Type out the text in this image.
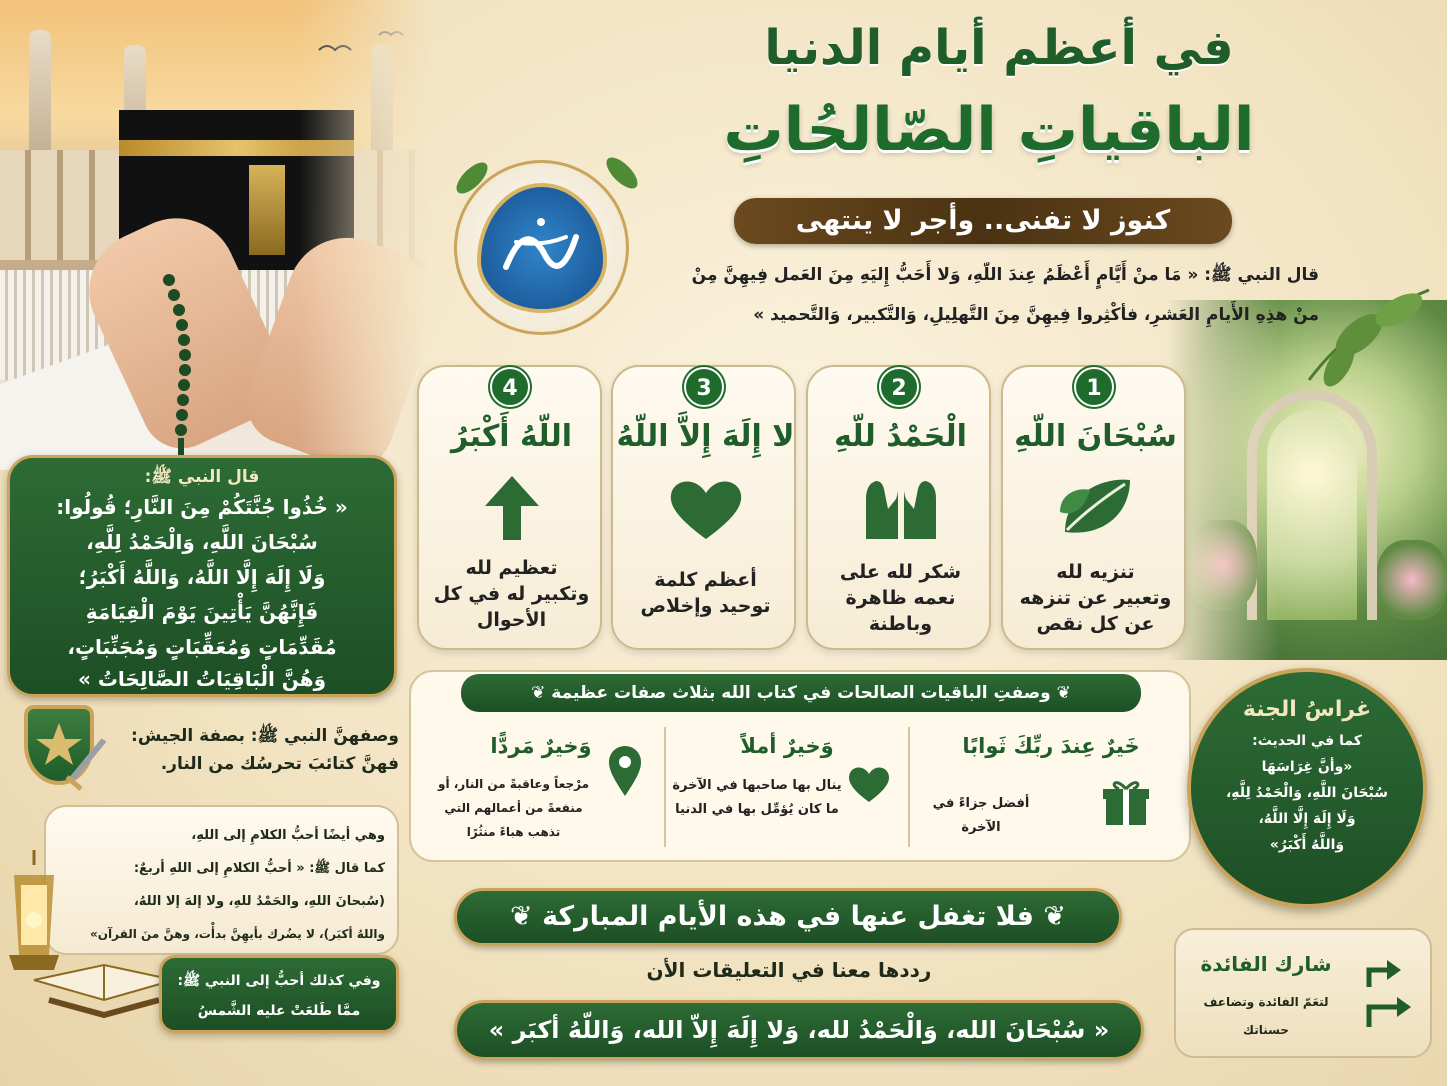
في أعظم أيام الدنيا
الباقياتِ الصّالحُاتِ
كنوز لا تفنى.. وأجر لا ينتهى
قال النبي ﷺ: « مَا منْ أَيَّامٍ أَعْظَمُ عِندَ اللّهِ، وَلا أَحَبُّ إِليَهِ مِنَ العَمل فِيهِنَّ مِنْ
منْ هذِهِ الأَيامِ العَشرِ، فأكْثِروا فِيهِنَّ مِنَ التَّهلِيلِ، وَالتَّكبير، وَالتَّحميد »
1
سُبْحَانَ اللّهِ
تنزيه لله
وتعبير عن تنزهه
عن كل نقص
2
الْحَمْدُ للّهِ
شكر لله على
نعمه ظاهرة
وباطنة
3
لا إِلَهَ إِلاَّ اللّهُ
أعظم كلمة
توحيد وإخلاص
4
اللّهُ أَكْبَرُ
تعظيم لله
وتكبير له في كل
الأحوال
قال النبي ﷺ:
« خُذُوا جُنَّتَكُمْ مِنَ النَّارِ؛ قُولُوا:
سُبْحَانَ اللَّهِ، وَالْحَمْدُ لِلَّهِ،
وَلَا إِلَهَ إِلَّا اللَّهُ، وَاللَّهُ أَكْبَرُ؛
فَإِنَّهُنَّ يَأْتِينَ يَوْمَ الْقِيَامَةِ
مُقَدِّمَاتٍ وَمُعَقِّبَاتٍ وَمُجَنِّبَاتٍ،
وَهُنَّ الْبَاقِيَاتُ الصَّالِحَاتُ »
وصفهنَّ النبي ﷺ: بصفة الجيش:
فهنَّ كتائبَ تحرسُك من النار.
وهي أيضًا أحبُّ الكلامِ إلى اللهِ،
كما قال ﷺ: « أحبُّ الكلامِ إلى اللهِ أربعٌ:
(سُبحانَ اللهِ، والحَمْدُ للهِ، ولا إلهَ إلا اللهُ،
واللهُ أكبَر)، لا يضُرك بأيهِنَّ بدأْت، وهنَّ منَ القرآن»
وفي كذلك أحبُّ إلى النبي ﷺ:
ممَّا طَلعَتْ عليه الشَّمسُ
❦ وصفتِ الباقيات الصالحات في كتاب الله بثلاث صفات عظيمة ❦
خَيرٌ عِندَ ربِّكَ ثَوابًا
أفضل جزاءً في الآخرة
وَخيرٌ أملاً
ينال بها صاحبها في الآخرة
ما كان يُؤمِّل بها في الدنيا
وَخيرٌ مَردًّا
مرْجعاً وعاقبةً من النار، أو
منفعةً من أعمالهم التي
تذهب هباءً منثُرًا
غراسُ الجنة
كما في الحديث:
«وأنَّ غِرَاسَهَا
سُبْحَانَ اللَّهِ، وَالْحَمْدُ لِلَّهِ،
وَلَا إِلَهَ إِلَّا اللَّهُ،
وَاللَّهُ أَكْبَرُ»
❦ فلا تغفل عنها في هذه الأيام المباركة ❦
رددها معنا في التعليقات الأن
« سُبْحَانَ الله، وَالْحَمْدُ لله، وَلا إِلَهَ إِلاّ الله، وَاللّهُ أكبَر »
شارك الفائدة
لتعَمّ الفائدة وتضاعف
حسناتك
